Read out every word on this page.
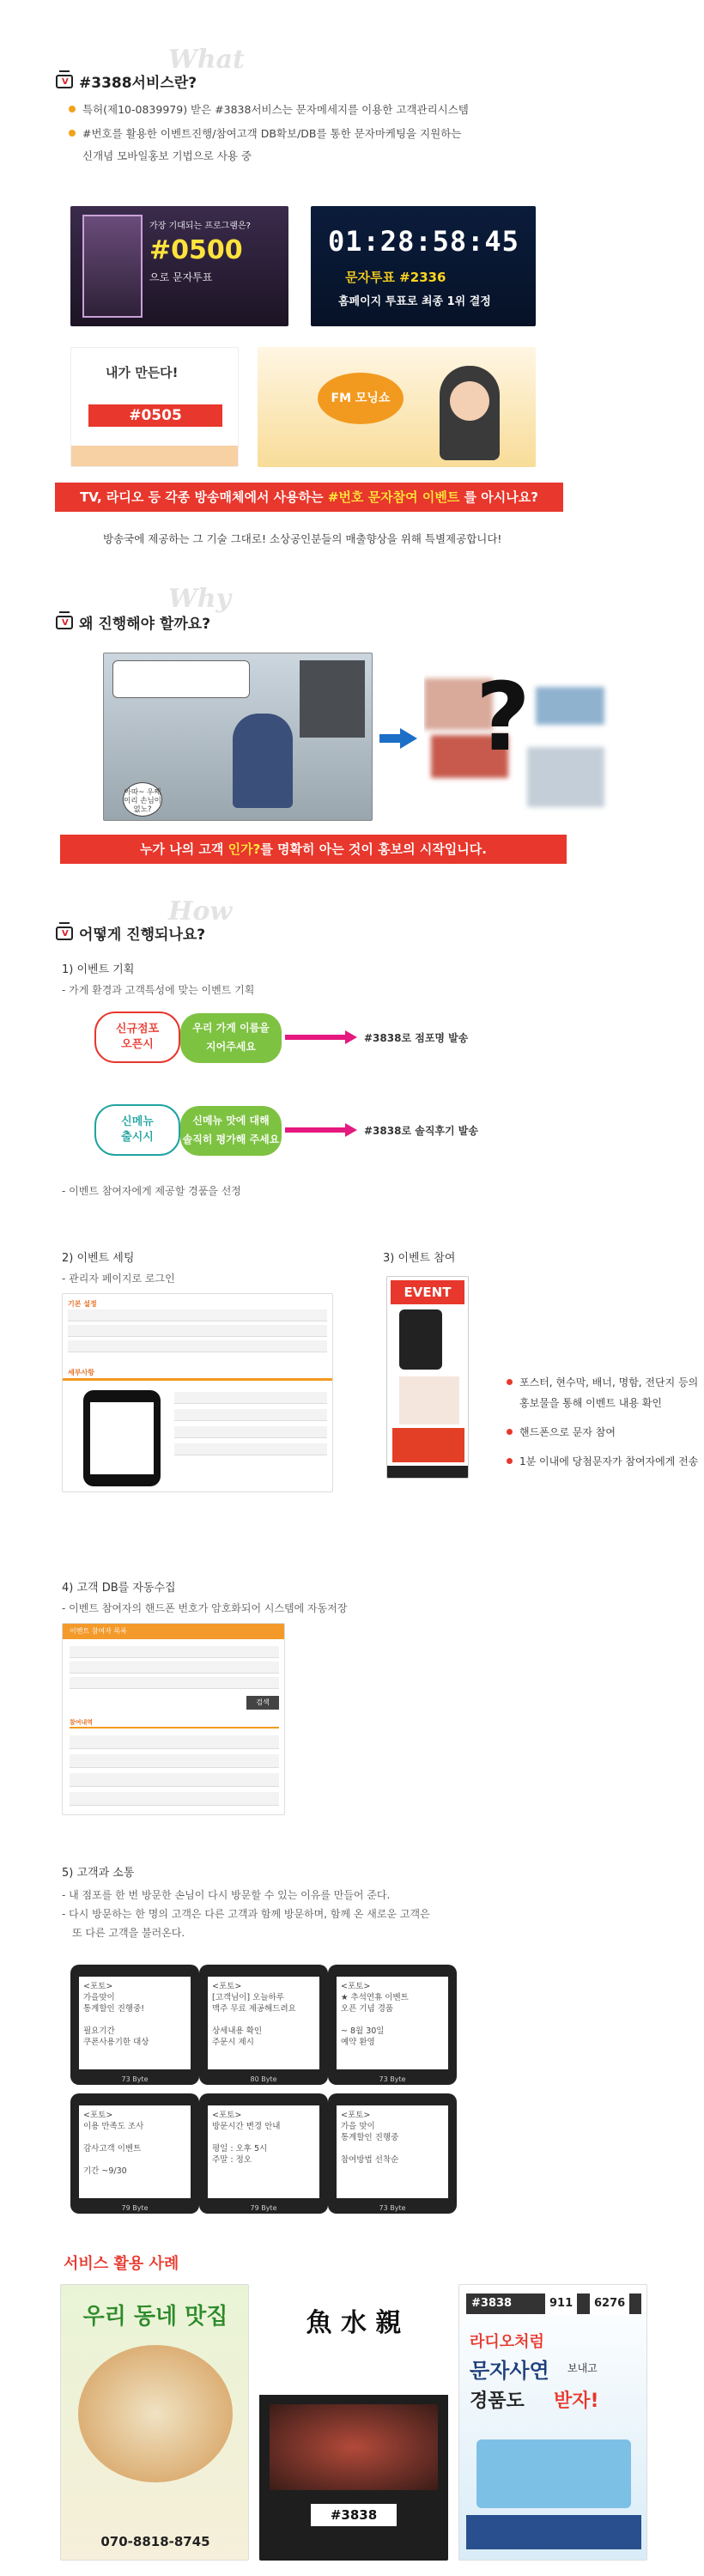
What
V #3388서비스란?
특허(제10-0839979) 받은 #3838서비스는 문자메세지를 이용한 고객관리시스템
#번호를 활용한 이벤트진행/참여고객 DB확보/DB를 통한 문자마케팅을 지원하는
신개념 모바일홍보 기법으로 사용 중
가장 기대되는 프로그램은?
#0500
으로 문자투표
01:28:58:45
문자투표 #2336
홈페이지 투표로 최종 1위 결정
내가 만든다!
#0505
FM 모닝쇼
TV, 라디오 등 각종 방송매체에서 사용하는 #번호 문자참여 이벤트 를 아시나요?
방송국에 제공하는 그 기술 그대로! 소상공인분들의 매출향상을 위해 특별제공합니다!
Why
V 왜 진행해야 할까요?
아따~ 우째 이리 손님이 없노?
?
누가 나의 고객 인가?를 명확히 아는 것이 홍보의 시작입니다.
How
V 어떻게 진행되나요?
1) 이벤트 기획
- 가게 환경과 고객특성에 맞는 이벤트 기획
신규점포
오픈시
우리 가게 이름을
지어주세요
#3838로 점포명 발송
신메뉴
출시시
신메뉴 맛에 대해
솔직히 평가해 주세요
#3838로 솔직후기 발송
- 이벤트 참여자에게 제공할 경품을 선정
2) 이벤트 세팅
- 관리자 페이지로 로그인
기본 설정
세부사항
3) 이벤트 참여
EVENT
포스터, 현수막, 배너, 명함, 전단지 등의
홍보물을 통해 이벤트 내용 확인
핸드폰으로 문자 참여
1분 이내에 당첨문자가 참여자에게 전송
4) 고객 DB를 자동수집
- 이벤트 참여자의 핸드폰 번호가 암호화되어 시스템에 자동저장
이벤트 참여자 목록
검색
참여내역
5) 고객과 소통
- 내 점포를 한 번 방문한 손님이 다시 방문할 수 있는 이유를 만들어 준다.
- 다시 방문하는 한 명의 고객은 다른 고객과 함께 방문하며, 함께 온 새로운 고객은
또 다른 고객을 불러온다.
<포토>
가을맞이
통계할인 진행중!

필요기간
쿠폰사용기한 대상
73 Byte
<포토>
[고객님이] 오늘하루
맥주 무료 제공해드려요

상세내용 확인
주문시 제시
80 Byte
<포토>
★ 추석연휴 이벤트
오픈 기념 경품

~ 8월 30일
예약 환영
73 Byte
<포토>
이용 만족도 조사

감사고객 이벤트

기간 ~9/30
79 Byte
<포토>
방문시간 변경 안내

평일 : 오후 5시
주말 : 정오
79 Byte
<포토>
가을 맞이
통계할인 진행중

참여방법 선착순
73 Byte
서비스 활용 사례
우리 동네 맛집
070-8818-8745
魚 水 親
#3838
#3838	911	6276
라디오처럼
문자사연 보내고
경품도 받자!
